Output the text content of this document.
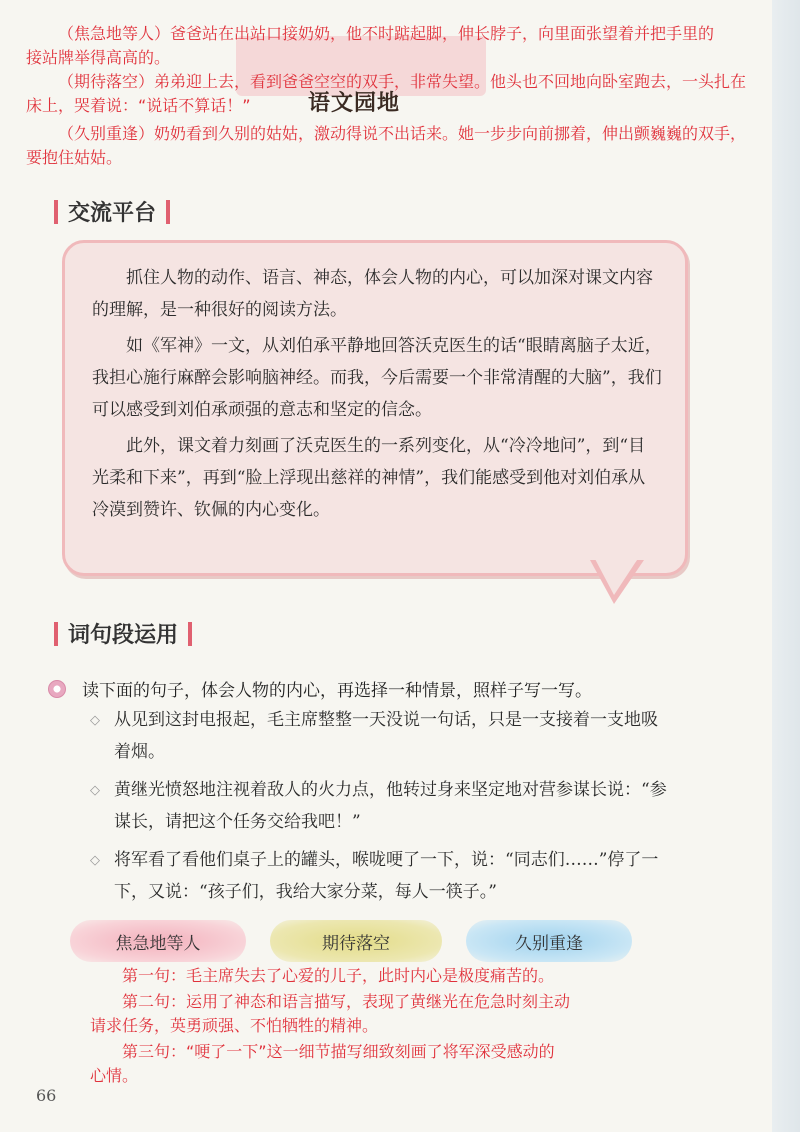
语文园地

（焦急地等人）爸爸站在出站口接奶奶，他不时踮起脚，伸长脖子，向里面张望着并把手里的接站牌举得高高的。

（期待落空）弟弟迎上去，看到爸爸空空的双手，非常失望。他头也不回地向卧室跑去，一头扎在床上，哭着说：“说话不算话！”

（久别重逢）奶奶看到久别的姑姑，激动得说不出话来。她一步步向前挪着，伸出颤巍巍的双手，要抱住姑姑。

交流平台

抓住人物的动作、语言、神态，体会人物的内心，可以加深对课文内容的理解，是一种很好的阅读方法。

如《军神》一文，从刘伯承平静地回答沃克医生的话“眼睛离脑子太近，我担心施行麻醉会影响脑神经。而我，今后需要一个非常清醒的大脑”，我们可以感受到刘伯承顽强的意志和坚定的信念。

此外，课文着力刻画了沃克医生的一系列变化，从“冷冷地问”，到“目光柔和下来”，再到“脸上浮现出慈祥的神情”，我们能感受到他对刘伯承从冷漠到赞许、钦佩的内心变化。

词句段运用
读下面的句子，体会人物的内心，再选择一种情景，照样子写一写。
◇ 从见到这封电报起，毛主席整整一天没说一句话，只是一支接着一支地吸着烟。
◇ 黄继光愤怒地注视着敌人的火力点，他转过身来坚定地对营参谋长说：“参谋长，请把这个任务交给我吧！”
◇ 将军看了看他们桌子上的罐头，喉咙哽了一下，说：“同志们……”停了一下，又说：“孩子们，我给大家分菜，每人一筷子。”
焦急地等人	期待落空	久别重逢

第一句：毛主席失去了心爱的儿子，此时内心是极度痛苦的。

第二句：运用了神态和语言描写，表现了黄继光在危急时刻主动请求任务，英勇顽强、不怕牺牲的精神。

第三句：“哽了一下”这一细节描写细致刻画了将军深受感动的心情。

66
